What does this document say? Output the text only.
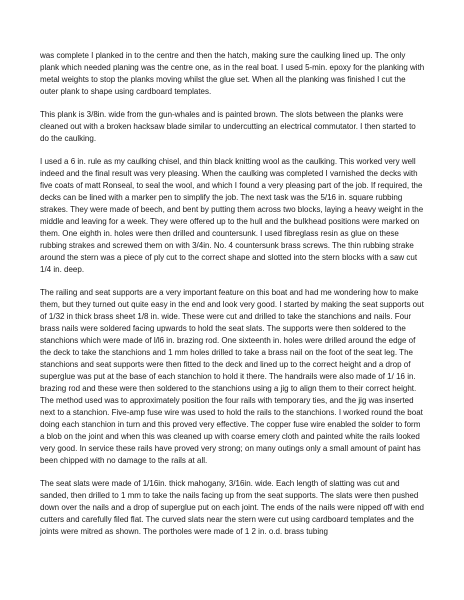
was complete I planked in to the centre and then the hatch, making sure the caulking lined up. The only plank which needed planing was the centre one, as in the real boat. I used 5-min. epoxy for the planking with metal weights to stop the planks moving whilst the glue set. When all the planking was finished I cut the outer plank to shape using cardboard templates.

This plank is 3/8in. wide from the gun-whales and is painted brown. The slots between the planks were cleaned out with a broken hacksaw blade similar to undercutting an electrical commutator. I then started to do the caulking.

I used a 6 in. rule as my caulking chisel, and thin black knitting wool as the caulking. This worked very well indeed and the final result was very pleasing. When the caulking was completed I varnished the decks with five coats of matt Ronseal, to seal the wool, and which I found a very pleasing part of the job. If required, the decks can be lined with a marker pen to simplify the job. The next task was the 5/16 in. square rubbing strakes. They were made of beech, and bent by putting them across two blocks, laying a heavy weight in the middle and leaving for a week. They were offered up to the hull and the bulkhead positions were marked on them. One eighth in. holes were then drilled and countersunk. I used fibreglass resin as glue on these rubbing strakes and screwed them on with 3/4in. No. 4 countersunk brass screws. The thin rubbing strake around the stern was a piece of ply cut to the correct shape and slotted into the stern blocks with a saw cut 1/4 in. deep.

The railing and seat supports are a very important feature on this boat and had me wondering how to make them, but they turned out quite easy in the end and look very good. I started by making the seat supports out of 1/32 in thick brass sheet 1/8 in. wide. These were cut and drilled to take the stanchions and nails. Four brass nails were soldered facing upwards to hold the seat slats. The supports were then soldered to the stanchions which were made of l/l6 in. brazing rod. One sixteenth in. holes were drilled around the edge of the deck to take the stanchions and 1 mm holes drilled to take a brass nail on the foot of the seat leg. The stanchions and seat supports were then fitted to the deck and lined up to the correct height and a drop of superglue was put at the base of each stanchion to hold it there. The handrails were also made of 1/ 16 in. brazing rod and these were then soldered to the stanchions using a jig to align them to their correct height. The method used was to approximately position the four rails with temporary ties, and the jig was inserted next to a stanchion. Five-amp fuse wire was used to hold the rails to the stanchions. I worked round the boat doing each stanchion in turn and this proved very effective. The copper fuse wire enabled the solder to form a blob on the joint and when this was cleaned up with coarse emery cloth and painted white the rails looked very good. In service these rails have proved very strong; on many outings only a small amount of paint has been chipped with no damage to the rails at all.

The seat slats were made of 1/16in. thick mahogany, 3/16in. wide. Each length of slatting was cut and sanded, then drilled to 1 mm to take the nails facing up from the seat supports. The slats were then pushed down over the nails and a drop of superglue put on each joint. The ends of the nails were nipped off with end cutters and carefully filed flat. The curved slats near the stern were cut using cardboard templates and the joints were mitred as shown. The portholes were made of 1 2 in. o.d. brass tubing
